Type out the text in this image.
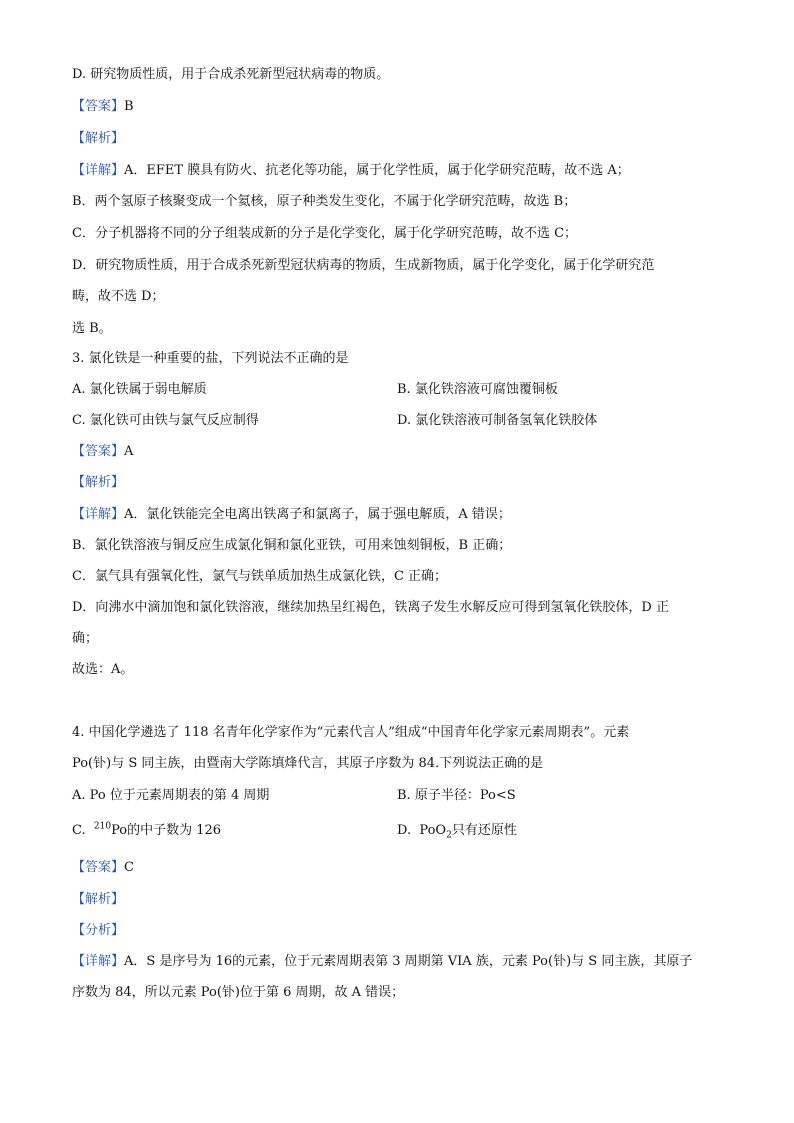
D. 研究物质性质，用于合成杀死新型冠状病毒的物质。
【答案】B
【解析】
【详解】A．EFET 膜具有防火、抗老化等功能，属于化学性质，属于化学研究范畴，故不选 A；
B．两个氢原子核聚变成一个氦核，原子种类发生变化，不属于化学研究范畴，故选 B；
C．分子机器将不同的分子组装成新的分子是化学变化，属于化学研究范畴，故不选 C；
D．研究物质性质，用于合成杀死新型冠状病毒的物质，生成新物质，属于化学变化，属于化学研究范
畴，故不选 D；
选 B。
3. 氯化铁是一种重要的盐，下列说法不正确的是
A. 氯化铁属于弱电解质	B. 氯化铁溶液可腐蚀覆铜板
C. 氯化铁可由铁与氯气反应制得	D. 氯化铁溶液可制备氢氧化铁胶体
【答案】A
【解析】
【详解】A．氯化铁能完全电离出铁离子和氯离子，属于强电解质，A 错误；
B．氯化铁溶液与铜反应生成氯化铜和氯化亚铁，可用来蚀刻铜板，B 正确；
C．氯气具有强氧化性，氯气与铁单质加热生成氯化铁，C 正确；
D．向沸水中滴加饱和氯化铁溶液，继续加热呈红褐色，铁离子发生水解反应可得到氢氧化铁胶体，D 正
确；
故选：A。
4. 中国化学遴选了 118 名青年化学家作为“元素代言人”组成“中国青年化学家元素周期表”。元素
Po(钋)与 S 同主族，由暨南大学陈填烽代言，其原子序数为 84.下列说法正确的是
A. Po 位于元素周期表的第 4 周期	B. 原子半径：Po<S
C. $^{210}$Po的中子数为 126	D. PoO$_2$只有还原性
【答案】C
【解析】
【分析】
【详解】A．S 是序号为 16的元素，位于元素周期表第 3 周期第 VIA 族，元素 Po(钋)与 S 同主族，其原子
序数为 84，所以元素 Po(钋)位于第 6 周期，故 A 错误；
